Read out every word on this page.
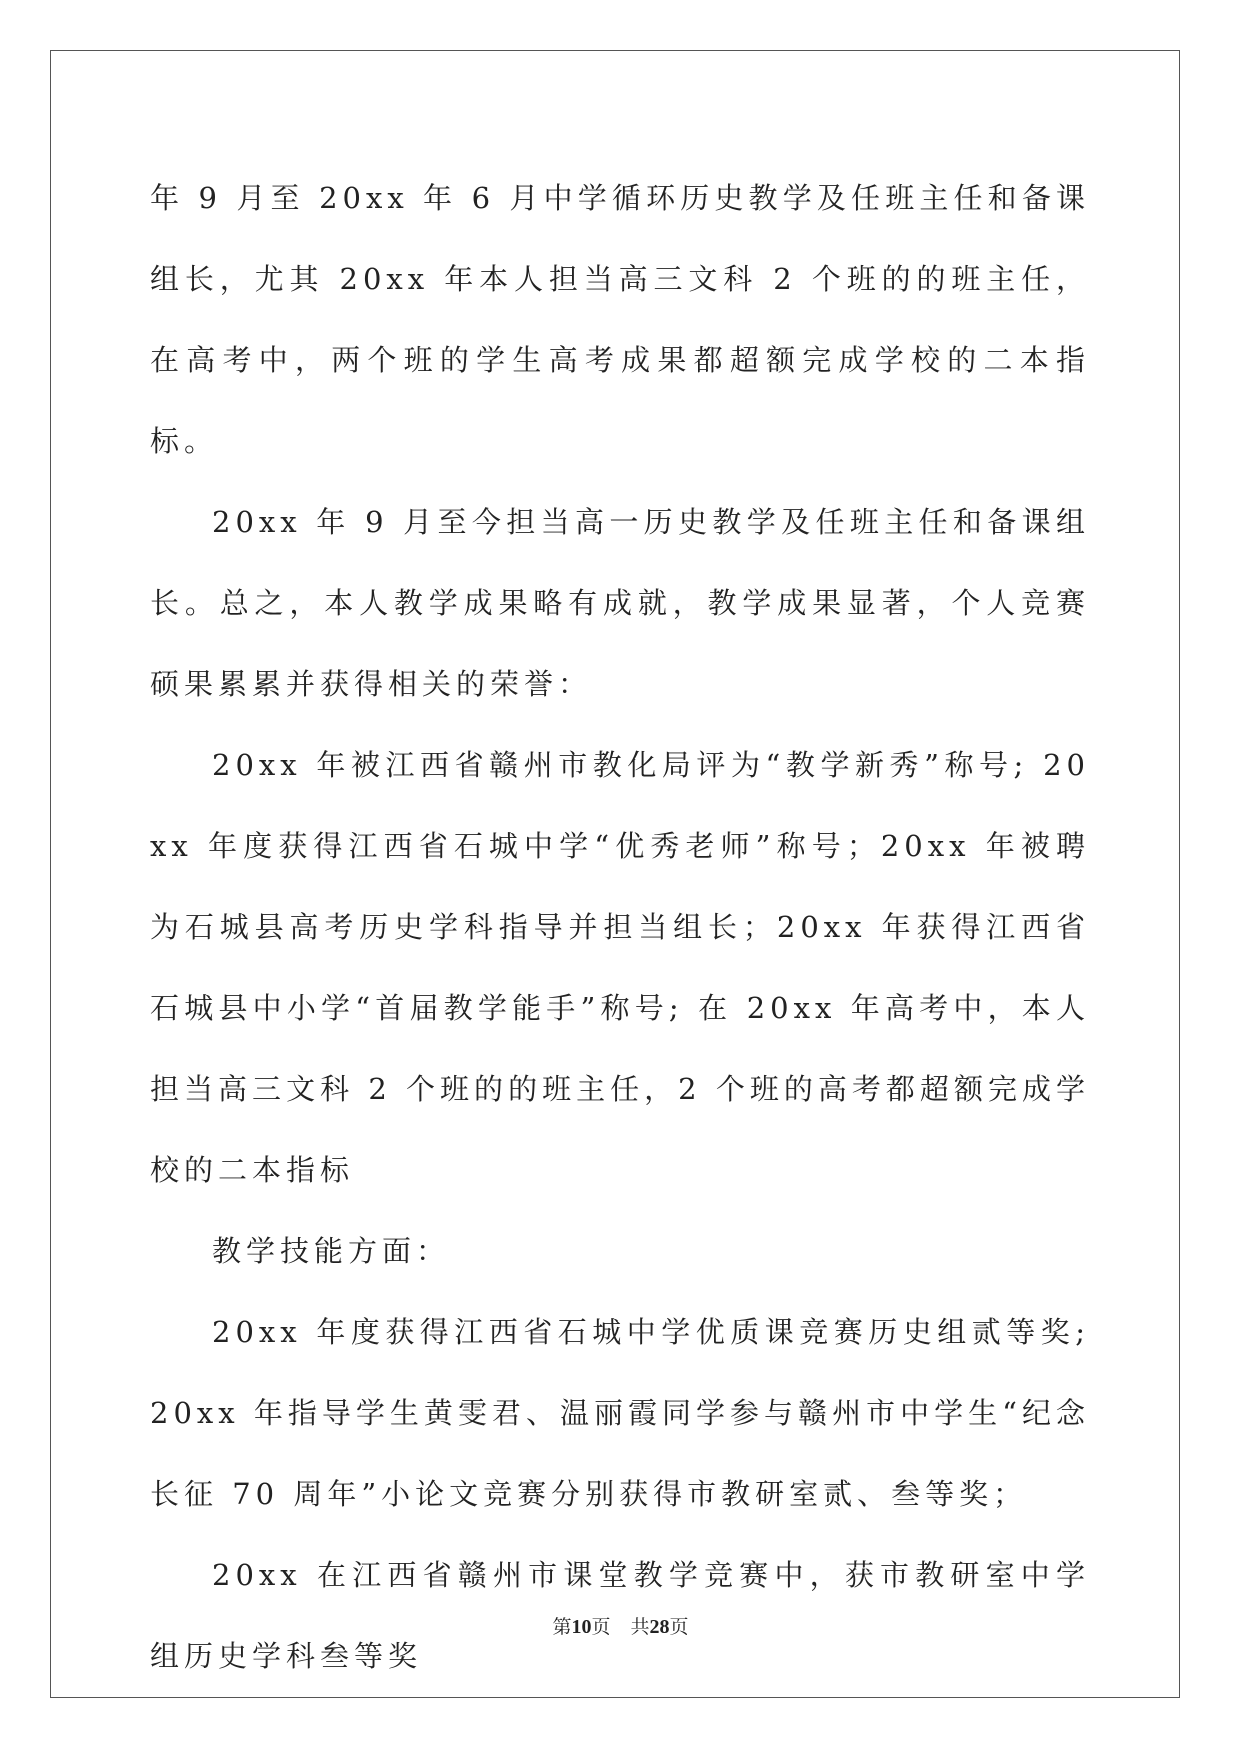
年 9 月至 20xx 年 6 月中学循环历史教学及任班主任和备课组长，尤其 20xx 年本人担当高三文科 2 个班的的班主任，在高考中，两个班的学生高考成果都超额完成学校的二本指标。

20xx 年 9 月至今担当高一历史教学及任班主任和备课组长。总之，本人教学成果略有成就，教学成果显著，个人竞赛硕果累累并获得相关的荣誉：

20xx 年被江西省赣州市教化局评为“教学新秀”称号; 20xx 年度获得江西省石城中学“优秀老师”称号；20xx 年被聘为石城县高考历史学科指导并担当组长；20xx 年获得江西省石城县中小学“首届教学能手”称号; 在 20xx 年高考中，本人担当高三文科 2 个班的的班主任，2 个班的高考都超额完成学校的二本指标

教学技能方面：

20xx 年度获得江西省石城中学优质课竞赛历史组贰等奖; 20xx 年指导学生黄雯君、温丽霞同学参与赣州市中学生“纪念长征 70 周年”小论文竞赛分别获得市教研室贰、叁等奖；

20xx 在江西省赣州市课堂教学竞赛中，获市教研室中学组历史学科叁等奖

第10页 共28页
